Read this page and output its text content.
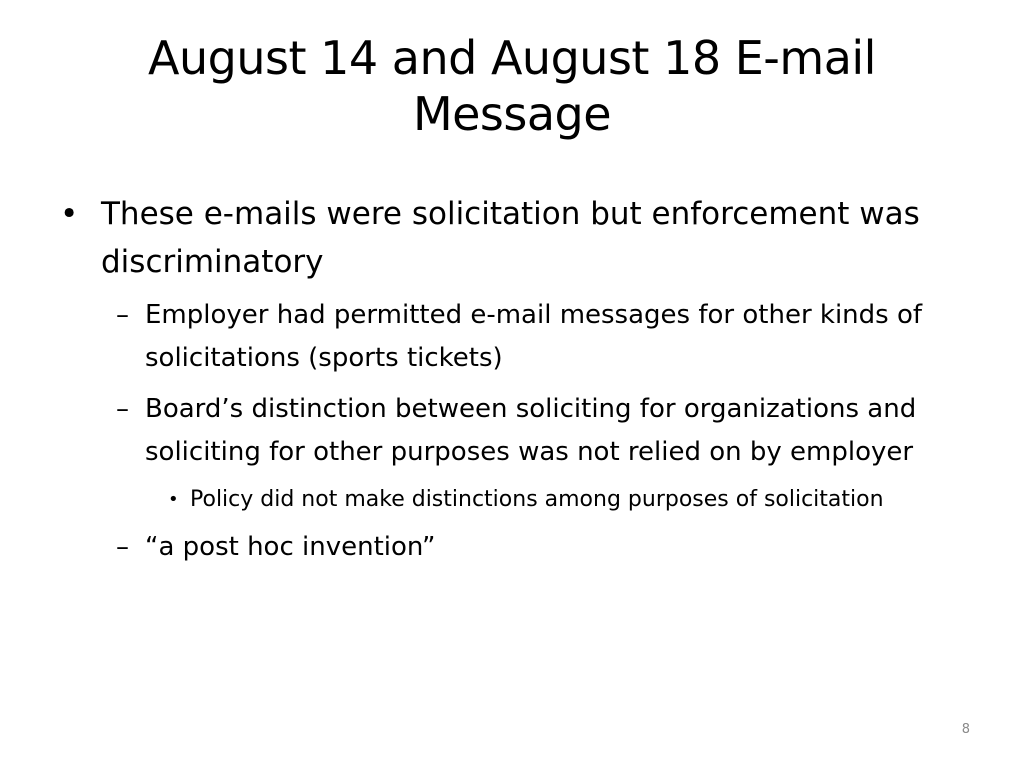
August 14 and August 18 E-mail Message
• These e-mails were solicitation but enforcement was discriminatory
– Employer had permitted e-mail messages for other kinds of solicitations (sports tickets)
– Board’s distinction between soliciting for organizations and soliciting for other purposes was not relied on by employer
• Policy did not make distinctions among purposes of solicitation
– “a post hoc invention”
8
